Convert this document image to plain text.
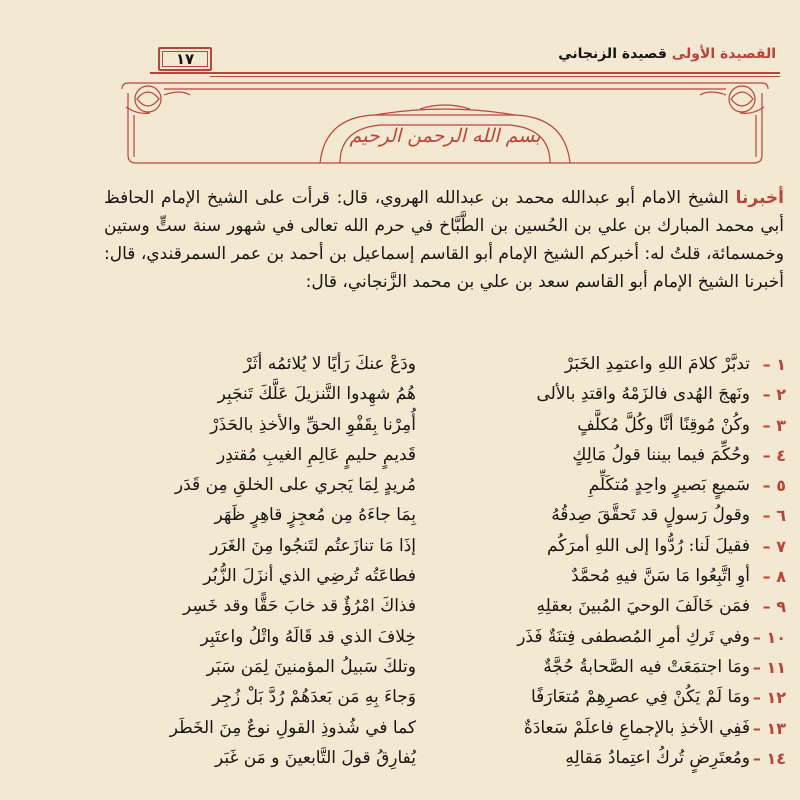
١٧	القصيدة الأولى قصيدة الزنجاني
بسم الله الرحمن الرحيم
أخبرنا الشيخ الامام أبو عبدالله محمد بن عبدالله الهروي، قال: قرأت على الشيخ الإمام الحافظ أبي محمد المبارك بن علي بن الحُسين بن الطَّبَّاخ في حرم الله تعالى في شهور سنة ستٍّ وستين وخمسمائة، قلتُ له: أخبركم الشيخ الإمام أبو القاسم إسماعيل بن أحمد بن عمر السمرقندي، قال: أخبرنا الشيخ الإمام أبو القاسم سعد بن علي بن محمد الزَّنجاني، قال:
١ –
تدبَّرْ كلامَ اللهِ واعتمِدِ الخَبَرْ
ودَعْ عنكَ رَأيًا لا يُلائمُه أثَرْ
٢ –
ونَهجَ الهُدى فالزَمْهُ واقتدِ بالألى
هُمُ شهِدوا التَّنزيلَ عَلَّكَ تَنجَبِر
٣ –
وكُنْ مُوقِنًا أنَّا وكُلَّ مُكلَّفٍ
أُمِرْنا بِقَفْوِ الحقِّ والأخذِ بالحَذَرْ
٤ –
وحُكِّمَ فيما بيننا قولُ مَالِكٍ
قَديمٍ حليمٍ عَالِمِ الغيبِ مُقتدِر
٥ –
سَميعٍ بَصيرٍ واحِدٍ مُتكَلِّمِ
مُريدٍ لِمَا يَجري على الخلقِ مِن قَدَر
٦ –
وقولُ رَسولٍ قد تَحقَّقَ صِدقُهُ
بِمَا جاءَهُ مِن مُعجِزٍ قاهِرٍ ظَهَر
٧ –
فقيلَ لَنا: رُدُّوا إلى اللهِ أمرَكُم
إذَا مَا تنازَعتُم لتَنجُوا مِنَ الغَرَر
٨ –
أوِ اتَّبِعُوا مَا سَنَّ فيهِ مُحمَّدٌ
فطاعَتُه تُرضِي الذي أنزَلَ الزُّبُر
٩ –
فمَن خَالَفَ الوحيَ المُبينَ بعقلِهِ
فذاكَ امْرُؤٌ قد خابَ حَقًّا وقد خَسِر
١٠ –
وفي تَركِ أمرِ المُصطفى فِتنَةٌ فَذَر
خِلافَ الذي قد قَالَهُ واتْلُ واعتَبِر
١١ –
ومَا اجتمَعَتْ فيه الصَّحابةُ حُجَّةٌ
وتلكَ سَبيلُ المؤمنينَ لِمَن سَبَر
١٢ –
ومَا لَمْ يَكُنْ فِي عصرِهِمْ مُتعَارَفًا
وَجاءَ بِهِ مَن بَعدَهُمْ رُدَّ بَلْ زُجِر
١٣ –
فَفِي الأخذِ بالإجماعِ فاعلَمْ سَعادَةٌ
كما في شُذوذِ القولِ نوعٌ مِنَ الخَطَر
١٤ –
ومُعتَرِضٍ تُركُ اعتِمادُ مَقالِهِ
يُفارِقُ قولَ التَّابعينَ و مَن غَبَر
